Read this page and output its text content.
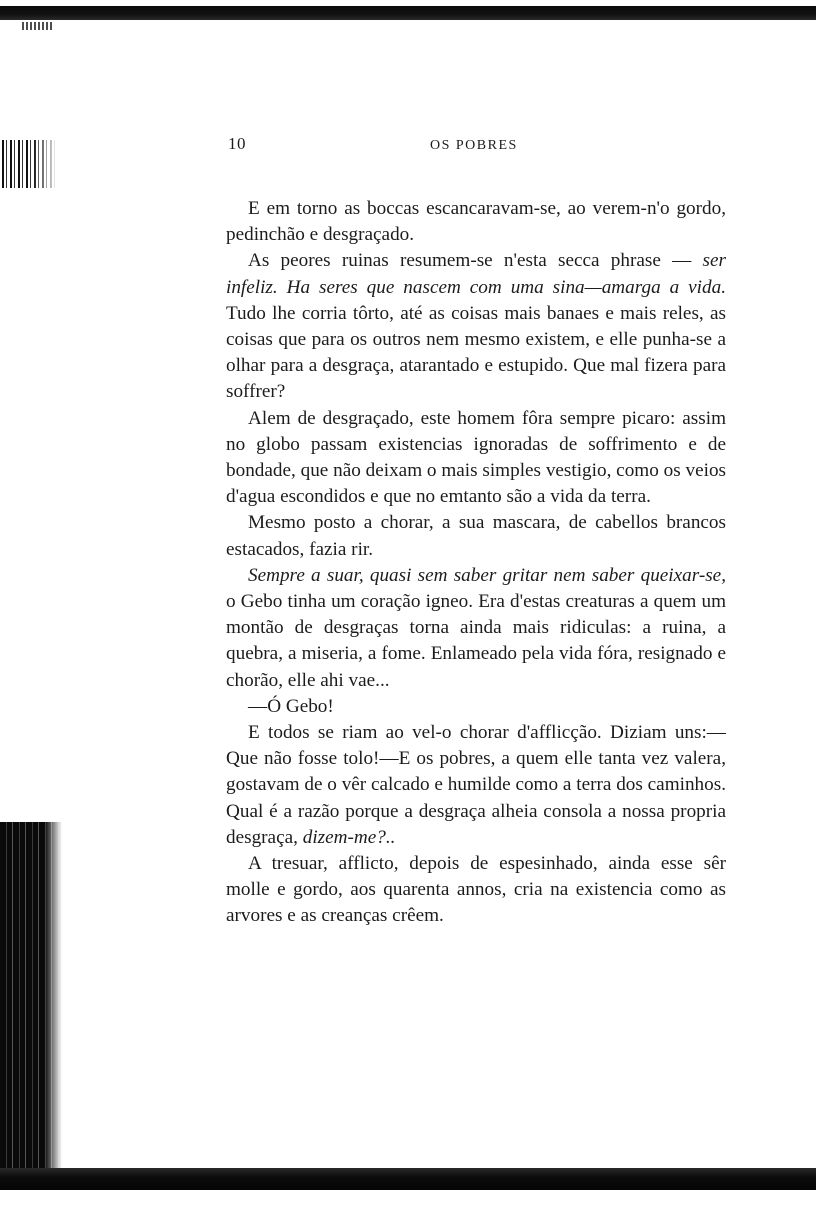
10	OS POBRES

E em torno as boccas escancaravam-se, ao verem-n'o gordo, pedinchão e desgraçado.

As peores ruinas resumem-se n'esta secca phrase — ser infeliz. Ha seres que nascem com uma sina—amarga a vida. Tudo lhe corria tôrto, até as coisas mais banaes e mais reles, as coisas que para os outros nem mesmo existem, e elle punha-se a olhar para a desgraça, atarantado e estupido. Que mal fizera para soffrer?

Alem de desgraçado, este homem fôra sempre picaro: assim no globo passam existencias ignoradas de soffrimento e de bondade, que não deixam o mais simples vestigio, como os veios d'agua escondidos e que no emtanto são a vida da terra.

Mesmo posto a chorar, a sua mascara, de cabellos brancos estacados, fazia rir.

Sempre a suar, quasi sem saber gritar nem saber queixar-se, o Gebo tinha um coração igneo. Era d'estas creaturas a quem um montão de desgraças torna ainda mais ridiculas: a ruina, a quebra, a miseria, a fome. Enlameado pela vida fóra, resignado e chorão, elle ahi vae...

—Ó Gebo!

E todos se riam ao vel-o chorar d'afflicção. Diziam uns:—Que não fosse tolo!—E os pobres, a quem elle tanta vez valera, gostavam de o vêr calcado e humilde como a terra dos caminhos. Qual é a razão porque a desgraça alheia consola a nossa propria desgraça, dizem-me?..

A tresuar, afflicto, depois de espesinhado, ainda esse sêr molle e gordo, aos quarenta annos, cria na existencia como as arvores e as creanças crêem.
